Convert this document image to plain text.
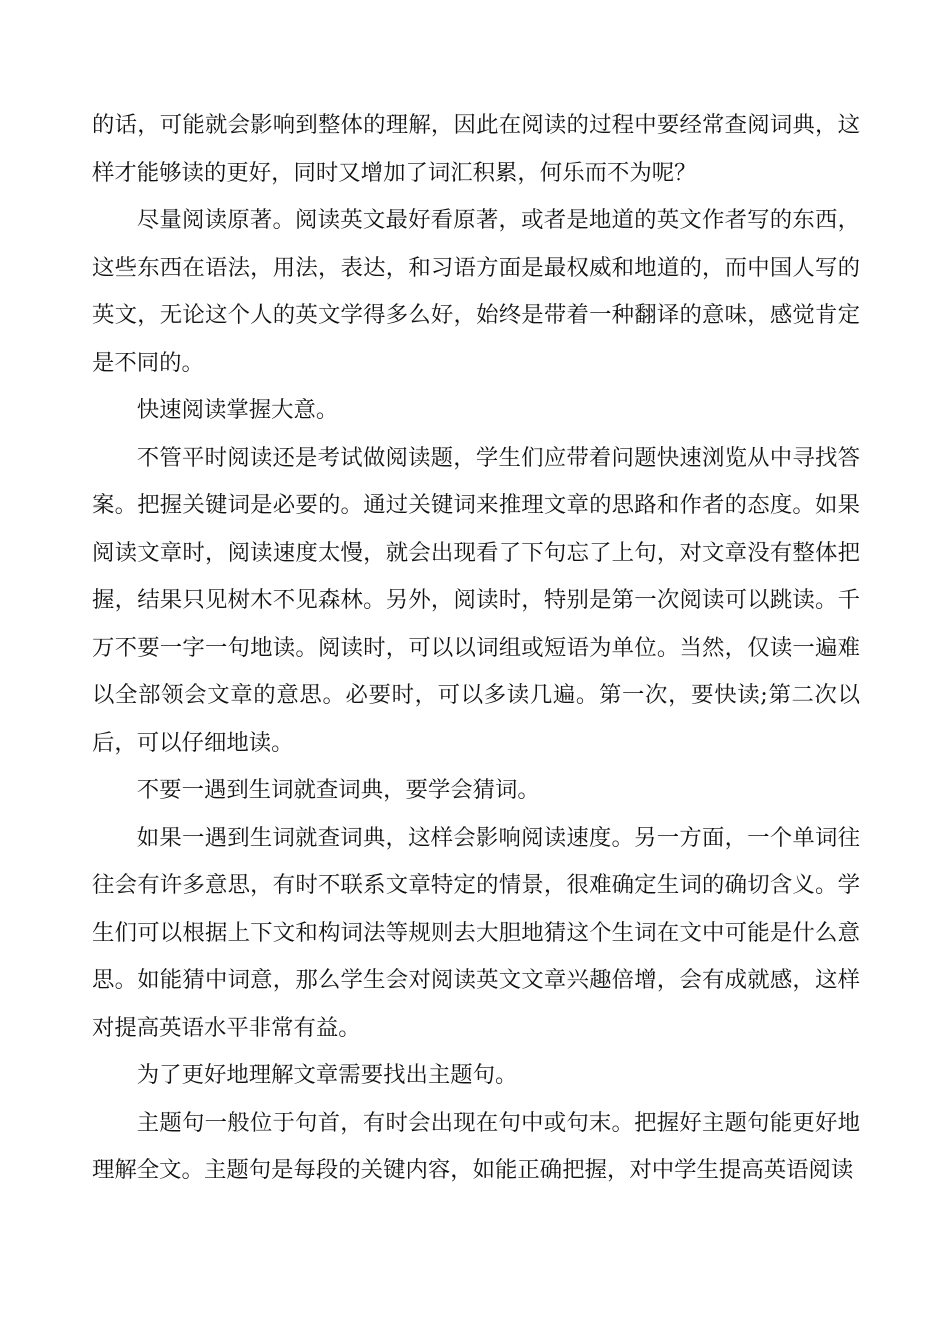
的话，可能就会影响到整体的理解，因此在阅读的过程中要经常查阅词典，这样才能够读的更好，同时又增加了词汇积累，何乐而不为呢？

尽量阅读原著。阅读英文最好看原著，或者是地道的英文作者写的东西，这些东西在语法，用法，表达，和习语方面是最权威和地道的，而中国人写的英文，无论这个人的英文学得多么好，始终是带着一种翻译的意味，感觉肯定是不同的。

快速阅读掌握大意。

不管平时阅读还是考试做阅读题，学生们应带着问题快速浏览从中寻找答案。把握关键词是必要的。通过关键词来推理文章的思路和作者的态度。如果阅读文章时，阅读速度太慢，就会出现看了下句忘了上句，对文章没有整体把握，结果只见树木不见森林。另外，阅读时，特别是第一次阅读可以跳读。千万不要一字一句地读。阅读时，可以以词组或短语为单位。当然，仅读一遍难以全部领会文章的意思。必要时，可以多读几遍。第一次，要快读;第二次以后，可以仔细地读。

不要一遇到生词就查词典，要学会猜词。

如果一遇到生词就查词典，这样会影响阅读速度。另一方面，一个单词往往会有许多意思，有时不联系文章特定的情景，很难确定生词的确切含义。学生们可以根据上下文和构词法等规则去大胆地猜这个生词在文中可能是什么意思。如能猜中词意，那么学生会对阅读英文文章兴趣倍增，会有成就感，这样对提高英语水平非常有益。

为了更好地理解文章需要找出主题句。

主题句一般位于句首，有时会出现在句中或句末。把握好主题句能更好地理解全文。主题句是每段的关键内容，如能正确把握，对中学生提高英语阅读
